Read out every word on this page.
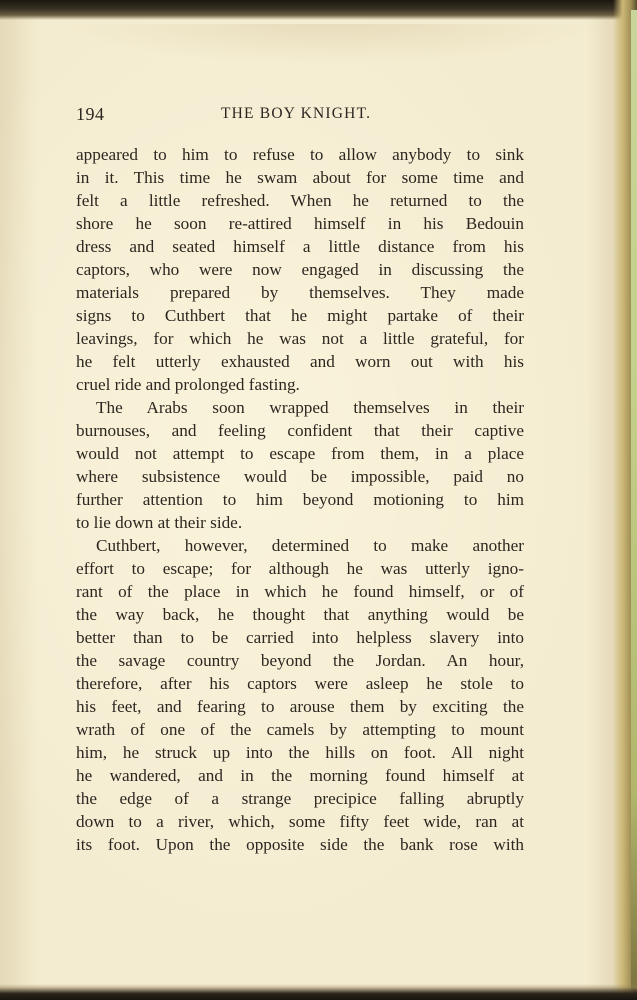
194	THE BOY KNIGHT.
appeared to him to refuse to allow anybody to sink
in it. This time he swam about for some time and
felt a little refreshed. When he returned to the
shore he soon re-attired himself in his Bedouin
dress and seated himself a little distance from his
captors, who were now engaged in discussing the
materials prepared by themselves. They made
signs to Cuthbert that he might partake of their
leavings, for which he was not a little grateful, for
he felt utterly exhausted and worn out with his
cruel ride and prolonged fasting.
The Arabs soon wrapped themselves in their
burnouses, and feeling confident that their captive
would not attempt to escape from them, in a place
where subsistence would be impossible, paid no
further attention to him beyond motioning to him
to lie down at their side.
Cuthbert, however, determined to make another
effort to escape; for although he was utterly igno-
rant of the place in which he found himself, or of
the way back, he thought that anything would be
better than to be carried into helpless slavery into
the savage country beyond the Jordan. An hour,
therefore, after his captors were asleep he stole to
his feet, and fearing to arouse them by exciting the
wrath of one of the camels by attempting to mount
him, he struck up into the hills on foot. All night
he wandered, and in the morning found himself at
the edge of a strange precipice falling abruptly
down to a river, which, some fifty feet wide, ran at
its foot. Upon the opposite side the bank rose with
